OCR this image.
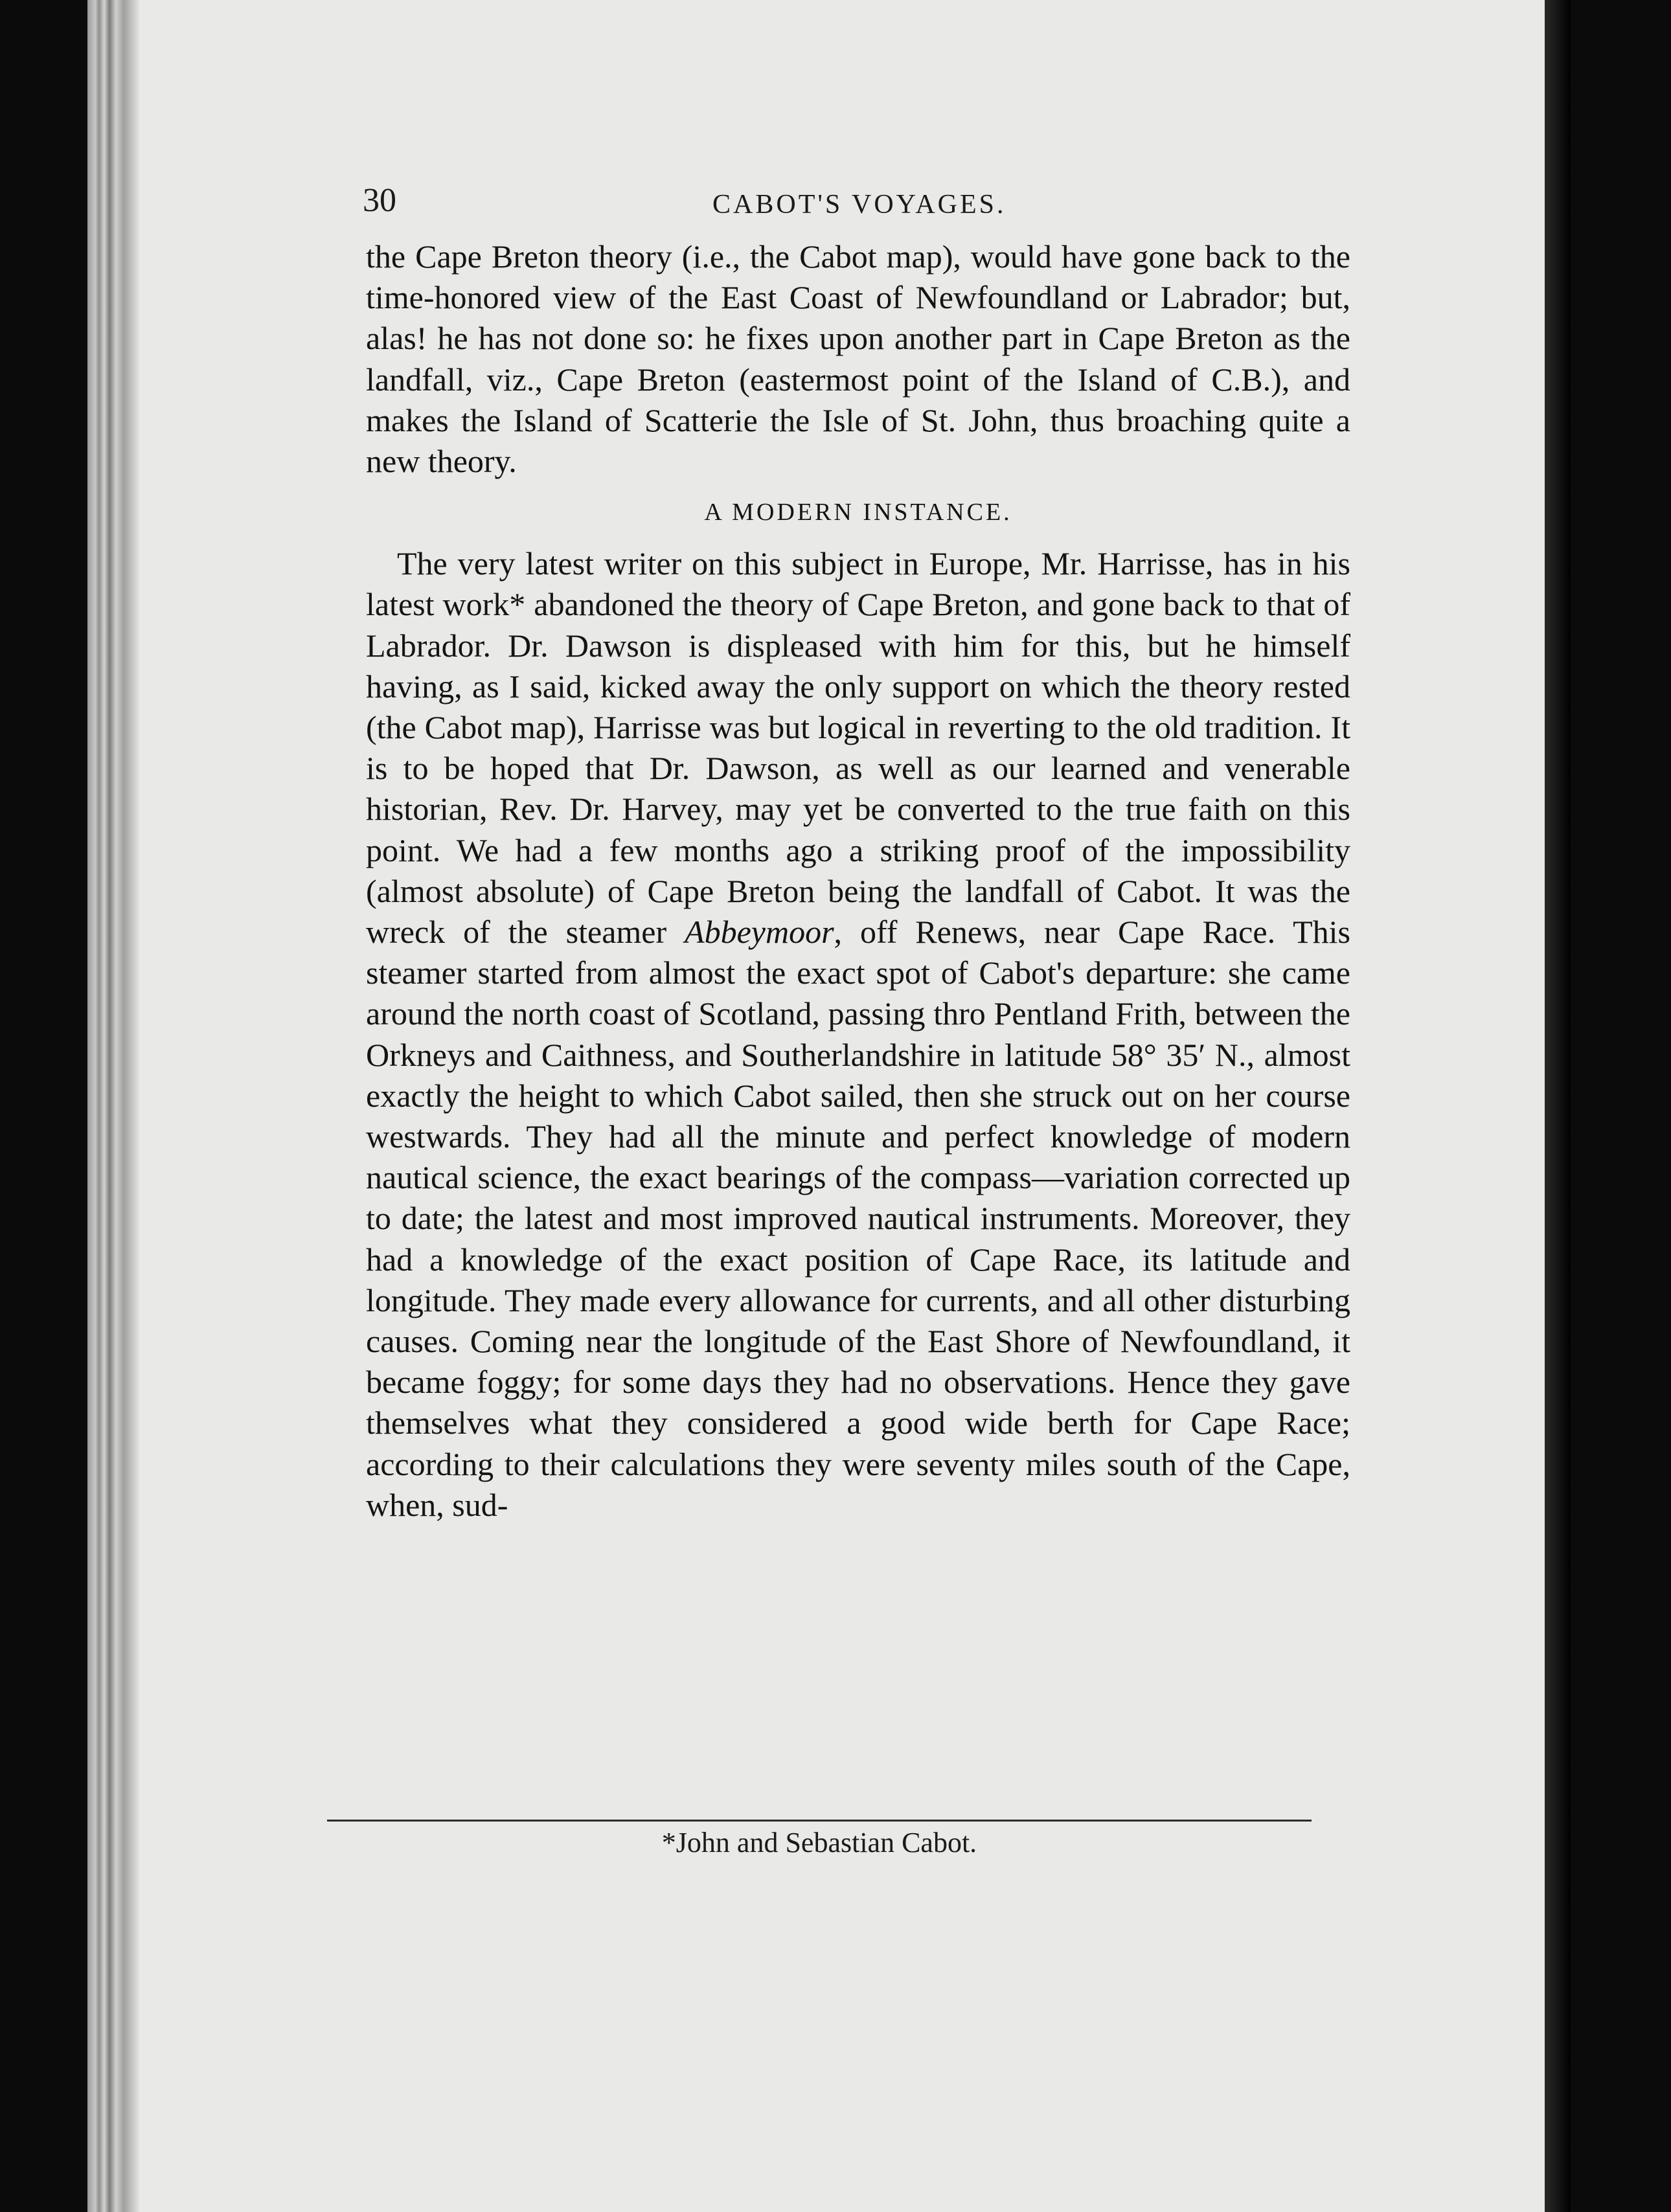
30	CABOT'S VOYAGES.

the Cape Breton theory (i.e., the Cabot map), would have gone back to the time-honored view of the East Coast of Newfoundland or Labrador; but, alas! he has not done so: he fixes upon another part in Cape Breton as the landfall, viz., Cape Breton (eastermost point of the Island of C.B.), and makes the Island of Scatterie the Isle of St. John, thus broaching quite a new theory.

A MODERN INSTANCE.

The very latest writer on this subject in Europe, Mr. Harrisse, has in his latest work* abandoned the theory of Cape Breton, and gone back to that of Labrador. Dr. Dawson is displeased with him for this, but he himself having, as I said, kicked away the only support on which the theory rested (the Cabot map), Harrisse was but logical in reverting to the old tradition. It is to be hoped that Dr. Dawson, as well as our learned and venerable historian, Rev. Dr. Harvey, may yet be converted to the true faith on this point. We had a few months ago a striking proof of the impossibility (almost absolute) of Cape Breton being the landfall of Cabot. It was the wreck of the steamer Abbeymoor, off Renews, near Cape Race. This steamer started from almost the exact spot of Cabot's departure: she came around the north coast of Scotland, passing thro Pentland Frith, between the Orkneys and Caithness, and Southerlandshire in latitude 58° 35′ N., almost exactly the height to which Cabot sailed, then she struck out on her course westwards. They had all the minute and perfect knowledge of modern nautical science, the exact bearings of the compass—variation corrected up to date; the latest and most improved nautical instruments. Moreover, they had a knowledge of the exact position of Cape Race, its latitude and longitude. They made every allowance for currents, and all other disturbing causes. Coming near the longitude of the East Shore of Newfoundland, it became foggy; for some days they had no observations. Hence they gave themselves what they considered a good wide berth for Cape Race; according to their calculations they were seventy miles south of the Cape, when, sud-

*John and Sebastian Cabot.
